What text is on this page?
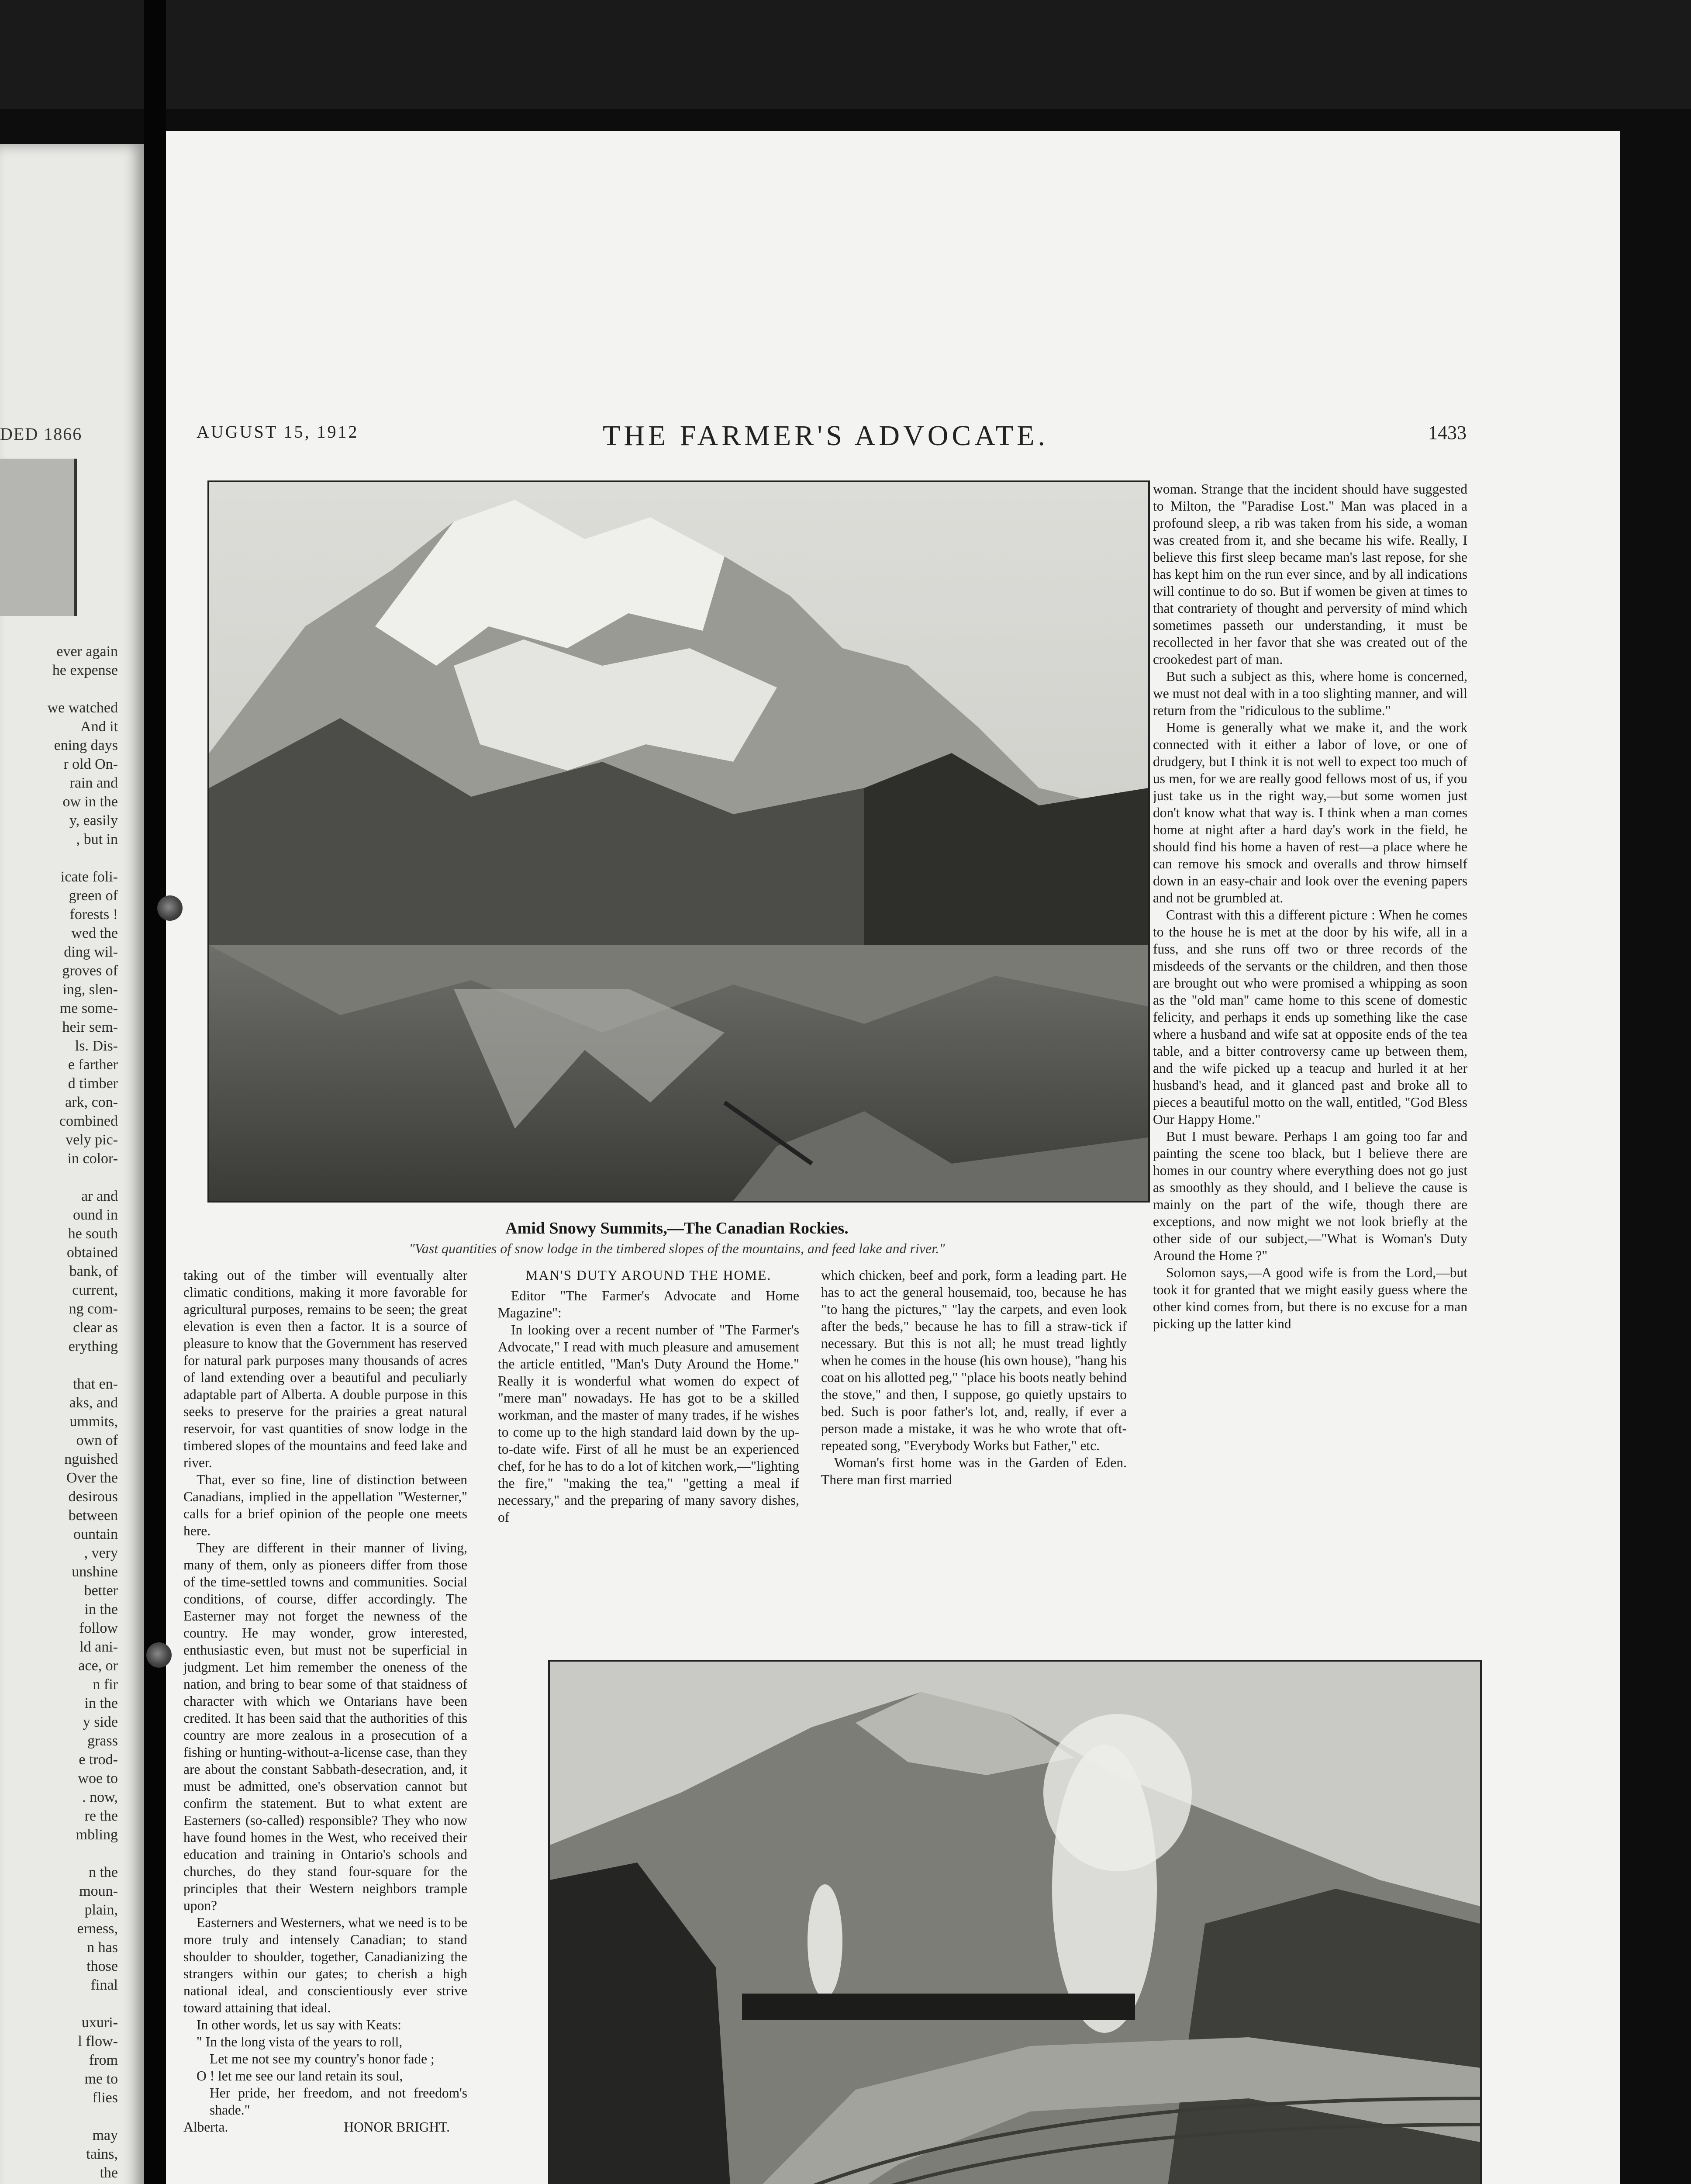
DED 1866
ever again
he expense

we watched
And it
ening days
r old On-
rain and
ow in the
y, easily
, but in

icate foli-
green of
forests !
wed the
ding wil-
groves of
ing, slen-
me some-
heir sem-
ls. Dis-
e farther
d timber
ark, con-
combined
vely pic-
in color-

ar and
ound in
he south
obtained
bank, of
current,
ng com-
clear as
erything

that en-
aks, and
ummits,
own of
nguished
Over the
desirous
between
ountain
, very
unshine
better
in the
follow
ld ani-
ace, or
n fir
in the
y side
grass
e trod-
woe to
. now,
re the
mbling

n the
moun-
plain,
erness,
n has
those
final

uxuri-
l flow-
from
me to
flies

may
tains,
the

AUGUST 15, 1912	THE FARMER'S ADVOCATE.	1433
Amid Snowy Summits,—The Canadian Rockies.
"Vast quantities of snow lodge in the timbered slopes of the mountains, and feed lake and river."

taking out of the timber will eventually alter climatic conditions, making it more favorable for agricultural purposes, remains to be seen; the great elevation is even then a factor. It is a source of pleasure to know that the Government has reserved for natural park purposes many thousands of acres of land extending over a beautiful and peculiarly adaptable part of Alberta. A double purpose in this seeks to preserve for the prairies a great natural reservoir, for vast quantities of snow lodge in the timbered slopes of the mountains and feed lake and river.

That, ever so fine, line of distinction between Canadians, implied in the appellation "Westerner," calls for a brief opinion of the people one meets here.

They are different in their manner of living, many of them, only as pioneers differ from those of the time-settled towns and communities. Social conditions, of course, differ accordingly. The Easterner may not forget the newness of the country. He may wonder, grow interested, enthusiastic even, but must not be superficial in judgment. Let him remember the oneness of the nation, and bring to bear some of that staidness of character with which we Ontarians have been credited. It has been said that the authorities of this country are more zealous in a prosecution of a fishing or hunting-without-a-license case, than they are about the constant Sabbath-desecration, and, it must be admitted, one's observation cannot but confirm the statement. But to what extent are Easterners (so-called) responsible? They who now have found homes in the West, who received their education and training in Ontario's schools and churches, do they stand four-square for the principles that their Western neighbors trample upon?

Easterners and Westerners, what we need is to be more truly and intensely Canadian; to stand shoulder to shoulder, together, Canadianizing the strangers within our gates; to cherish a high national ideal, and conscientiously ever strive toward attaining that ideal.

In other words, let us say with Keats:

" In the long vista of the years to roll,

Let me not see my country's honor fade ;

O ! let me see our land retain its soul,

Her pride, her freedom, and not freedom's shade."

Alberta.	HONOR BRIGHT.

MAN'S DUTY AROUND THE HOME.

Editor "The Farmer's Advocate and Home Magazine":

In looking over a recent number of "The Farmer's Advocate," I read with much pleasure and amusement the article entitled, "Man's Duty Around the Home." Really it is wonderful what women do expect of "mere man" nowadays. He has got to be a skilled workman, and the master of many trades, if he wishes to come up to the high standard laid down by the up-to-date wife. First of all he must be an experienced chef, for he has to do a lot of kitchen work,—"lighting the fire," "making the tea," "getting a meal if necessary," and the preparing of many savory dishes, of

which chicken, beef and pork, form a leading part. He has to act the general housemaid, too, because he has "to hang the pictures," "lay the carpets, and even look after the beds," because he has to fill a straw-tick if necessary. But this is not all; he must tread lightly when he comes in the house (his own house), "hang his coat on his allotted peg," "place his boots neatly behind the stove," and then, I suppose, go quietly upstairs to bed. Such is poor father's lot, and, really, if ever a person made a mistake, it was he who wrote that oft-repeated song, "Everybody Works but Father," etc.

Woman's first home was in the Garden of Eden. There man first married

woman. Strange that the incident should have suggested to Milton, the "Paradise Lost." Man was placed in a profound sleep, a rib was taken from his side, a woman was created from it, and she became his wife. Really, I believe this first sleep became man's last repose, for she has kept him on the run ever since, and by all indications will continue to do so. But if women be given at times to that contrariety of thought and perversity of mind which sometimes passeth our understanding, it must be recollected in her favor that she was created out of the crookedest part of man.

But such a subject as this, where home is concerned, we must not deal with in a too slighting manner, and will return from the "ridiculous to the sublime."

Home is generally what we make it, and the work connected with it either a labor of love, or one of drudgery, but I think it is not well to expect too much of us men, for we are really good fellows most of us, if you just take us in the right way,—but some women just don't know what that way is. I think when a man comes home at night after a hard day's work in the field, he should find his home a haven of rest—a place where he can remove his smock and overalls and throw himself down in an easy-chair and look over the evening papers and not be grumbled at.

Contrast with this a different picture : When he comes to the house he is met at the door by his wife, all in a fuss, and she runs off two or three records of the misdeeds of the servants or the children, and then those are brought out who were promised a whipping as soon as the "old man" came home to this scene of domestic felicity, and perhaps it ends up something like the case where a husband and wife sat at opposite ends of the tea table, and a bitter controversy came up between them, and the wife picked up a teacup and hurled it at her husband's head, and it glanced past and broke all to pieces a beautiful motto on the wall, entitled, "God Bless Our Happy Home."

But I must beware. Perhaps I am going too far and painting the scene too black, but I believe there are homes in our country where everything does not go just as smoothly as they should, and I believe the cause is mainly on the part of the wife, though there are exceptions, and now might we not look briefly at the other side of our subject,—"What is Woman's Duty Around the Home ?"

Solomon says,—A good wife is from the Lord,—but took it for granted that we might easily guess where the other kind comes from, but there is no excuse for a man picking up the latter kind
